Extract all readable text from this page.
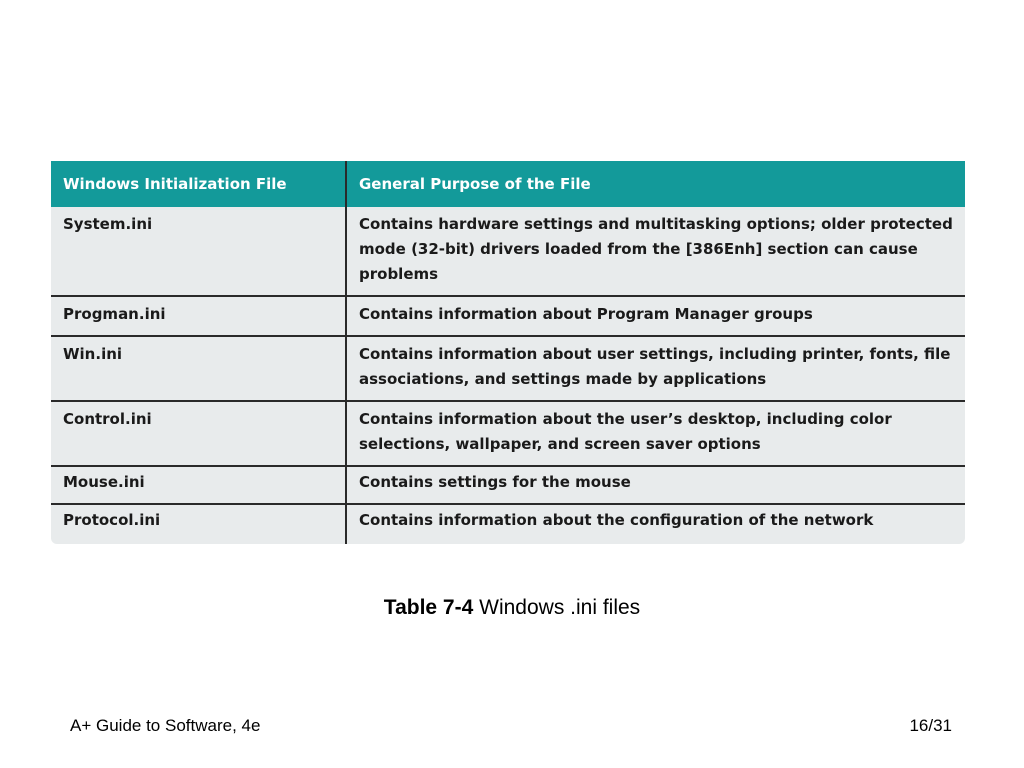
Windows Initialization File	General Purpose of the File
System.ini	Contains hardware settings and multitasking options; older protected mode (32-bit) drivers loaded from the [386Enh] section can cause problems
Progman.ini	Contains information about Program Manager groups
Win.ini	Contains information about user settings, including printer, fonts, file associations, and settings made by applications
Control.ini	Contains information about the user’s desktop, including color selections, wallpaper, and screen saver options
Mouse.ini	Contains settings for the mouse
Protocol.ini	Contains information about the configuration of the network
Table 7-4 Windows .ini files
A+ Guide to Software, 4e	16/31
